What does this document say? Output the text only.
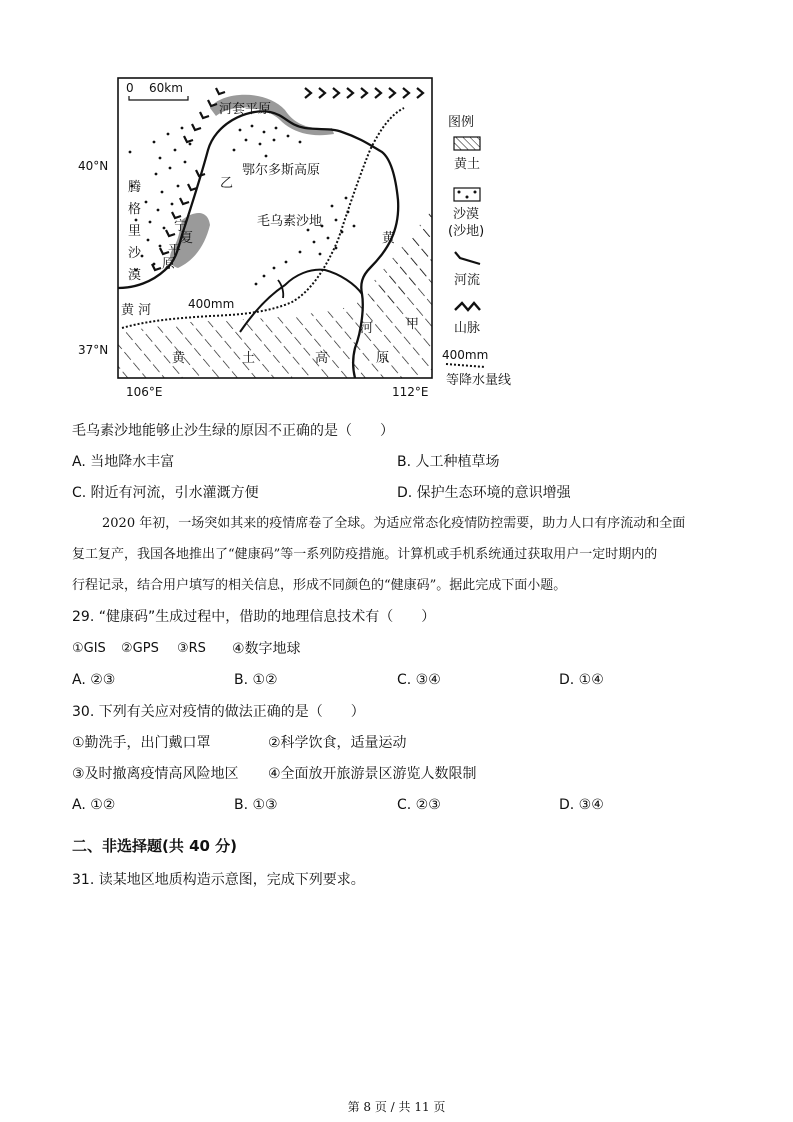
0 60km
河套平原
鄂尔多斯高原
乙
腾
格
里
沙
漠
宁
夏
平
原
毛乌素沙地
黄 河	400mm
黄
河	甲
黄	土	高	原
40°N
37°N
106°E	112°E
图例
黄土
沙漠
(沙地)
河流
山脉
400mm
等降水量线
毛乌素沙地能够止沙生绿的原因不正确的是（　　）
A. 当地降水丰富	B. 人工种植草场
C. 附近有河流，引水灌溉方便	D. 保护生态环境的意识增强
2020 年初，一场突如其来的疫情席卷了全球。为适应常态化疫情防控需要，助力人口有序流动和全面
复工复产，我国各地推出了“健康码”等一系列防疫措施。计算机或手机系统通过获取用户一定时期内的
行程记录，结合用户填写的相关信息，形成不同颜色的“健康码”。据此完成下面小题。
29. “健康码”生成过程中，借助的地理信息技术有（　　）
①GIS ②GPS ③RS ④数字地球
A. ②③	B. ①②	C. ③④	D. ①④
30. 下列有关应对疫情的做法正确的是（　　）
①勤洗手，出门戴口罩	②科学饮食，适量运动
③及时撤离疫情高风险地区 ④全面放开旅游景区游览人数限制
A. ①②	B. ①③	C. ②③	D. ③④
二、非选择题(共 40 分)
31. 读某地区地质构造示意图，完成下列要求。
第 8 页 / 共 11 页
